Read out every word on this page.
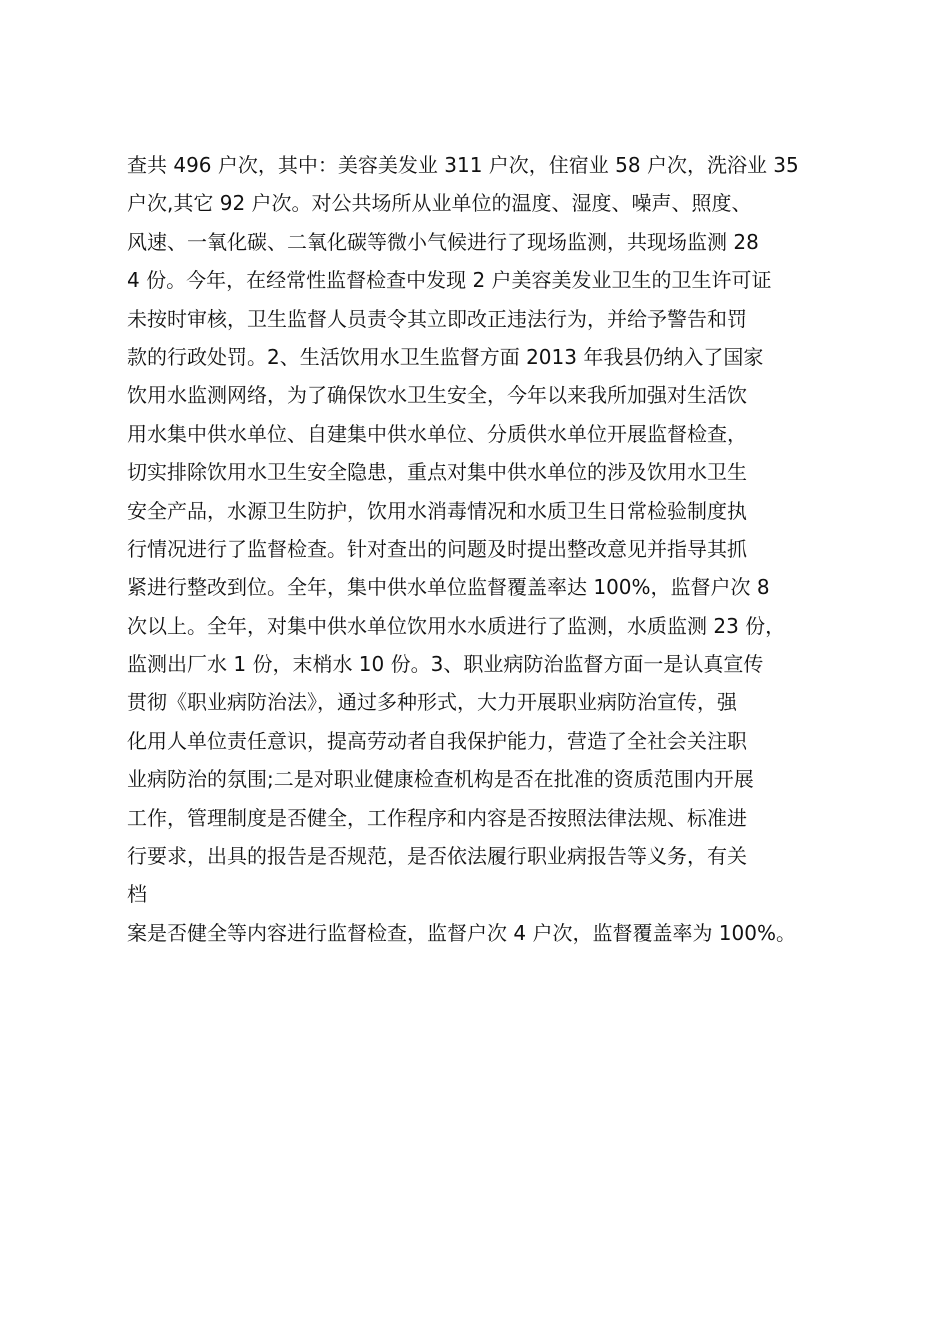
查共 496 户次，其中：美容美发业 311 户次，住宿业 58 户次，洗浴业 35
户次,其它 92 户次。对公共场所从业单位的温度、湿度、噪声、照度、
风速、一氧化碳、二氧化碳等微小气候进行了现场监测，共现场监测 28
4 份。今年，在经常性监督检查中发现 2 户美容美发业卫生的卫生许可证
未按时审核，卫生监督人员责令其立即改正违法行为，并给予警告和罚
款的行政处罚。2、生活饮用水卫生监督方面 2013 年我县仍纳入了国家
饮用水监测网络，为了确保饮水卫生安全，今年以来我所加强对生活饮
用水集中供水单位、自建集中供水单位、分质供水单位开展监督检查，
切实排除饮用水卫生安全隐患，重点对集中供水单位的涉及饮用水卫生
安全产品，水源卫生防护，饮用水消毒情况和水质卫生日常检验制度执
行情况进行了监督检查。针对查出的问题及时提出整改意见并指导其抓
紧进行整改到位。全年，集中供水单位监督覆盖率达 100%，监督户次 8
次以上。全年，对集中供水单位饮用水水质进行了监测，水质监测 23 份，
监测出厂水 1 份，末梢水 10 份。3、职业病防治监督方面一是认真宣传
贯彻《职业病防治法》，通过多种形式，大力开展职业病防治宣传，强
化用人单位责任意识，提高劳动者自我保护能力，营造了全社会关注职
业病防治的氛围;二是对职业健康检查机构是否在批准的资质范围内开展
工作，管理制度是否健全，工作程序和内容是否按照法律法规、标准进
行要求，出具的报告是否规范，是否依法履行职业病报告等义务，有关
档
案是否健全等内容进行监督检查，监督户次 4 户次，监督覆盖率为 100%。
